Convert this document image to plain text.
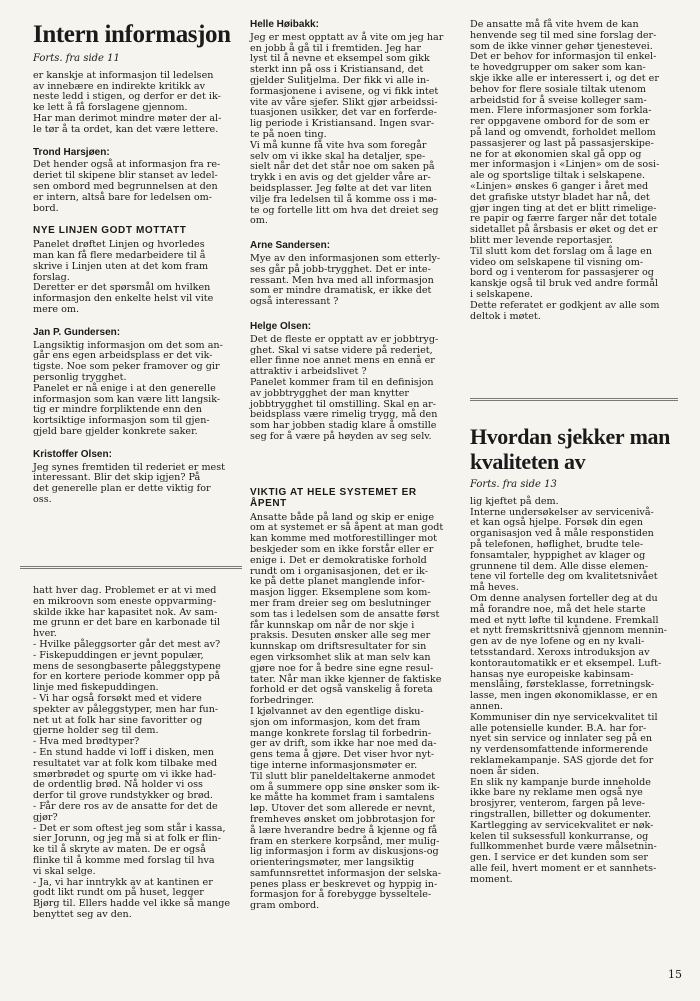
Intern informasjon
Forts. fra side 11

er kanskje at informasjon til ledelsen
av innebære en indirekte kritikk av
neste ledd i stigen, og derfor er det ik-
ke lett å få forslagene gjennom.
Har man derimot mindre møter der al-
le tør å ta ordet, kan det være lettere.

Trond Harsjøen:

Det hender også at informasjon fra re-
deriet til skipene blir stanset av ledel-
sen ombord med begrunnelsen at den
er intern, altså bare for ledelsen om-
bord.

NYE LINJEN GODT MOTTATT

Panelet drøftet Linjen og hvorledes
man kan få flere medarbeidere til å
skrive i Linjen uten at det kom fram
forslag.
Deretter er det spørsmål om hvilken
informasjon den enkelte helst vil vite
mere om.

Jan P. Gundersen:

Langsiktig informasjon om det som an-
går ens egen arbeidsplass er det vik-
tigste. Noe som peker framover og gir
personlig trygghet.
Panelet er nå enige i at den generelle
informasjon som kan være litt langsik-
tig er mindre forpliktende enn den
kortsiktige informasjon som til gjen-
gjeld bare gjelder konkrete saker.

Kristoffer Olsen:

Jeg synes fremtiden til rederiet er mest
interessant. Blir det skip igjen? På
det generelle plan er dette viktig for
oss.

Helle Høibakk:

Jeg er mest opptatt av å vite om jeg har
en jobb å gå til i fremtiden. Jeg har
lyst til å nevne et eksempel som gikk
sterkt inn på oss i Kristiansand, det
gjelder Sulitjelma. Der fikk vi alle in-
formasjonene i avisene, og vi fikk intet
vite av våre sjefer. Slikt gjør arbeidssi-
tuasjonen usikker, det var en forferde-
lig periode i Kristiansand. Ingen svar-
te på noen ting.
Vi må kunne få vite hva som foregår
selv om vi ikke skal ha detaljer, spe-
sielt når det det står noe om saken på
trykk i en avis og det gjelder våre ar-
beidsplasser. Jeg følte at det var liten
vilje fra ledelsen til å komme oss i mø-
te og fortelle litt om hva det dreiet seg
om.

Arne Sandersen:

Mye av den informasjonen som etterly-
ses går på jobb-trygghet. Det er inte-
ressant. Men hva med all informasjon
som er mindre dramatisk, er ikke det
også interessant ?

Helge Olsen:

Det de fleste er opptatt av er jobbtryg-
ghet. Skal vi satse videre på rederiet,
eller finne noe annet mens en ennå er
attraktiv i arbeidslivet ?
Panelet kommer fram til en definisjon
av jobbtrygghet der man knytter
jobbtrygghet til omstilling. Skal en ar-
beidsplass være rimelig trygg, må den
som har jobben stadig klare å omstille
seg for å være på høyden av seg selv.

De ansatte må få vite hvem de kan
henvende seg til med sine forslag der-
som de ikke vinner gehør tjenestevei.
Det er behov for informasjon til enkel-
te hovedgrupper om saker som kan-
skje ikke alle er interessert i, og det er
behov for flere sosiale tiltak utenom
arbeidstid for å sveise kolleger sam-
men. Flere informasjoner som forkla-
rer oppgavene ombord for de som er
på land og omvendt, forholdet mellom
passasjerer og last på passasjerskipe-
ne for at økonomien skal gå opp og
mer informasjon i «Linjen» om de sosi-
ale og sportslige tiltak i selskapene.
«Linjen» ønskes 6 ganger i året med
det grafiske utstyr bladet har nå, det
gjør ingen ting at det er blitt rimelige-
re papir og færre farger når det totale
sidetallet på årsbasis er øket og det er
blitt mer levende reportasjer.
Til slutt kom det forslag om å lage en
video om selskapene til visning om-
bord og i venterom for passasjerer og
kanskje også til bruk ved andre formål
i selskapene.
Dette referatet er godkjent av alle som
deltok i møtet.

hatt hver dag. Problemet er at vi med
en mikroovn som eneste oppvarming-
skilde ikke har kapasitet nok. Av sam-
me grunn er det bare en karbonade til
hver.
- Hvilke påleggsorter går det mest av?
- Fiskepuddingen er jevnt populær,
mens de sesongbaserte påleggstypene
for en kortere periode kommer opp på
linje med fiskepuddingen.
- Vi har også forsøkt med et videre
spekter av påleggstyper, men har fun-
net ut at folk har sine favoritter og
gjerne holder seg til dem.
- Hva med brødtyper?
- En stund hadde vi loff i disken, men
resultatet var at folk kom tilbake med
smørbrødet og spurte om vi ikke had-
de ordentlig brød. Nå holder vi oss
derfor til grove rundstykker og brød.
- Får dere ros av de ansatte for det de
gjør?
- Det er som oftest jeg som står i kassa,
sier Jorunn, og jeg må si at folk er flin-
ke til å skryte av maten. De er også
flinke til å komme med forslag til hva
vi skal selge.
- Ja, vi har inntrykk av at kantinen er
godt likt rundt om på huset, legger
Bjørg til. Ellers hadde vel ikke så mange
benyttet seg av den.

VIKTIG AT HELE SYSTEMET ER
ÅPENT

Ansatte både på land og skip er enige
om at systemet er så åpent at man godt
kan komme med motforestillinger mot
beskjeder som en ikke forstår eller er
enige i. Det er demokratiske forhold
rundt om i organisasjonen, det er ik-
ke på dette planet manglende infor-
masjon ligger. Eksemplene som kom-
mer fram dreier seg om beslutninger
som tas i ledelsen som de ansatte først
får kunnskap om når de nor skje i
praksis. Desuten ønsker alle seg mer
kunnskap om driftsresultater for sin
egen virksomhet slik at man selv kan
gjøre noe for å bedre sine egne resul-
tater. Når man ikke kjenner de faktiske
forhold er det også vanskelig å foreta
forbedringer.
I kjølvannet av den egentlige disku-
sjon om informasjon, kom det fram
mange konkrete forslag til forbedrin-
ger av drift, som ikke har noe med da-
gens tema å gjøre. Det viser hvor nyt-
tige interne informasjonsmøter er.
Til slutt blir paneldeltakerne anmodet
om å summere opp sine ønsker som ik-
ke måtte ha kommet fram i samtalens
løp. Utover det som allerede er nevnt,
fremheves ønsket om jobbrotasjon for
å lære hverandre bedre å kjenne og få
fram en sterkere korpsånd, mer mulig-
lig informasjon i form av diskusjons-og
orienteringsmøter, mer langsiktig
samfunnsrettet informasjon der selska-
penes plass er beskrevet og hyppig in-
formasjon for å forebygge bysseltele-
gram ombord.

Hvordan sjekker man kvaliteten av
Forts. fra side 13

lig kjeftet på dem.
Interne undersøkelser av servicenivå-
et kan også hjelpe. Forsøk din egen
organisasjon ved å måle responstiden
på telefonen, høflighet, brudte tele-
fonsamtaler, hyppighet av klager og
grunnene til dem. Alle disse elemen-
tene vil fortelle deg om kvalitetsnivået
må heves.
Om denne analysen forteller deg at du
må forandre noe, må det hele starte
med et nytt løfte til kundene. Fremkall
et nytt fremskrittsnivå gjennom mennin-
gen av de nye lofene og en ny kvali-
tetsstandard. Xeroxs introduksjon av
kontorautomatikk er et eksempel. Luft-
hansas nye europeiske kabinsam-
menslåing, førsteklasse, forretningsk-
lasse, men ingen økonomiklasse, er en
annen.
Kommuniser din nye servicekvalitet til
alle potensielle kunder. B.A. har for-
nyet sin service og innlater seg på en
ny verdensomfattende informerende
reklamekampanje. SAS gjorde det for
noen år siden.
En slik ny kampanje burde inneholde
ikke bare ny reklame men også nye
brosjyrer, venterom, fargen på leve-
ringstrallen, billetter og dokumenter.
Kartlegging av servicekvalitet er nøk-
kelen til suksessfull konkurranse, og
fullkommenhet burde være målsetnin-
gen. I service er det kunden som ser
alle feil, hvert moment er et sannhets-
moment.

15
